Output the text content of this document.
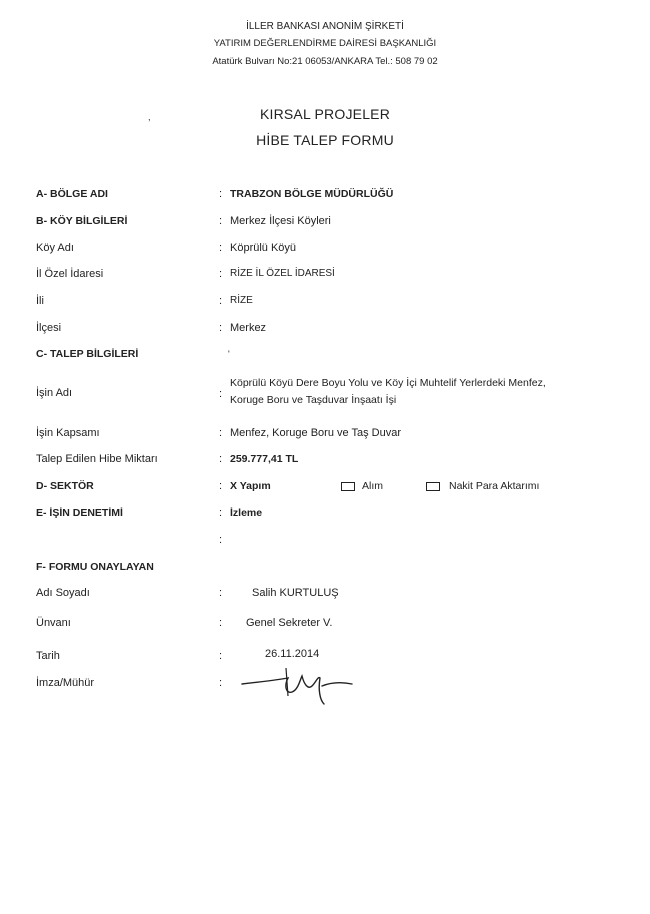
İLLER BANKASI ANONİM ŞİRKETİ
YATIRIM DEĞERLENDİRME DAİRESİ BAŞKANLIĞI
Atatürk Bulvarı No:21 06053/ANKARA Tel.: 508 79 02
,	KIRSAL PROJELER
HİBE TALEP FORMU
A- BÖLGE ADI	: TRABZON BÖLGE MÜDÜRLÜĞÜ
B- KÖY BİLGİLERİ	: Merkez İlçesi Köyleri
Köy Adı	: Köprülü Köyü
İl Özel İdaresi	: RİZE İL ÖZEL İDARESİ
İli	: RİZE
İlçesi	: Merkez
C- TALEP BİLGİLERİ	'
İşin Adı	:
Köprülü Köyü Dere Boyu Yolu ve Köy İçi Muhtelif Yerlerdeki Menfez,
Koruge Boru ve Taşduvar İnşaatı İşi
İşin Kapsamı	: Menfez, Koruge Boru ve Taş Duvar
Talep Edilen Hibe Miktarı	: 259.777,41 TL
D- SEKTÖR	: X Yapım	Alım	Nakit Para Aktarımı
E- İŞİN DENETİMİ	: İzleme
:
F- FORMU ONAYLAYAN
Adı Soyadı	:	Salih KURTULUŞ
Ünvanı	: Genel Sekreter V.
Tarih	:	26.11.2014
İmza/Mühür	:
